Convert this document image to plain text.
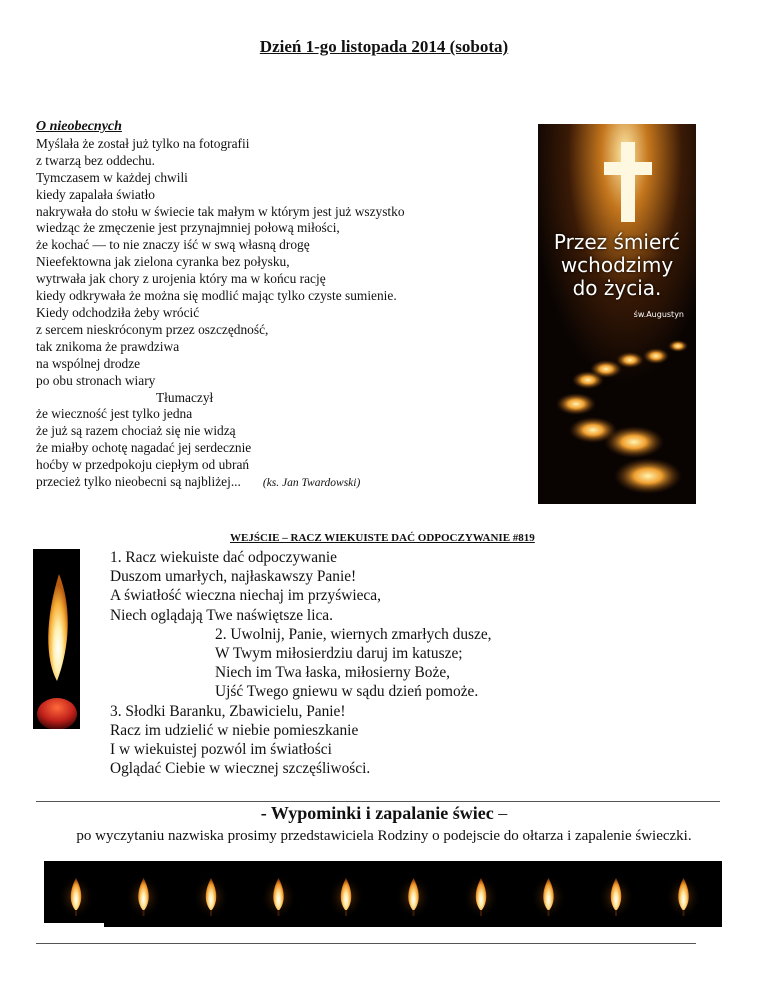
Dzień 1-go listopada 2014 (sobota)
O nieobecnych
Myślała że został już tylko na fotografii
z twarzą bez oddechu.
Tymczasem w każdej chwili
kiedy zapalała światło
nakrywała do stołu w świecie tak małym w którym jest już wszystko
wiedząc że zmęczenie jest przynajmniej połową miłości,
że kochać — to nie znaczy iść w swą własną drogę
Nieefektowna jak zielona cyranka bez połysku,
wytrwała jak chory z urojenia który ma w końcu rację
kiedy odkrywała że można się modlić mając tylko czyste sumienie.
Kiedy odchodziła żeby wrócić
z sercem nieskróconym przez oszczędność,
tak znikoma że prawdziwa
na wspólnej drodze
po obu stronach wiary
Tłumaczył
że wieczność jest tylko jedna
że już są razem chociaż się nie widzą
że miałby ochotę nagadać jej serdecznie
hoćby w przedpokoju ciepłym od ubrań
przecież tylko nieobecni są najbliżej... (ks. Jan Twardowski)
Przez śmierć
wchodzimy
do życia.
św.Augustyn
WEJŚCIE – RACZ WIEKUISTE DAĆ ODPOCZYWANIE #819
1. Racz wiekuiste dać odpoczywanie
Duszom umarłych, najłaskawszy Panie!
A światłość wieczna niechaj im przyświeca,
Niech oglądają Twe naświętsze lica.
2. Uwolnij, Panie, wiernych zmarłych dusze,
W Twym miłosierdziu daruj im katusze;
Niech im Twa łaska, miłosierny Boże,
Ujść Twego gniewu w sądu dzień pomoże.
3. Słodki Baranku, Zbawicielu, Panie!
Racz im udzielić w niebie pomieszkanie
I w wiekuistej pozwól im światłości
Oglądać Ciebie w wiecznej szczęśliwości.
- Wypominki i zapalanie świec –
po wyczytaniu nazwiska prosimy przedstawiciela Rodziny o podejscie do ołtarza i zapalenie świeczki.
